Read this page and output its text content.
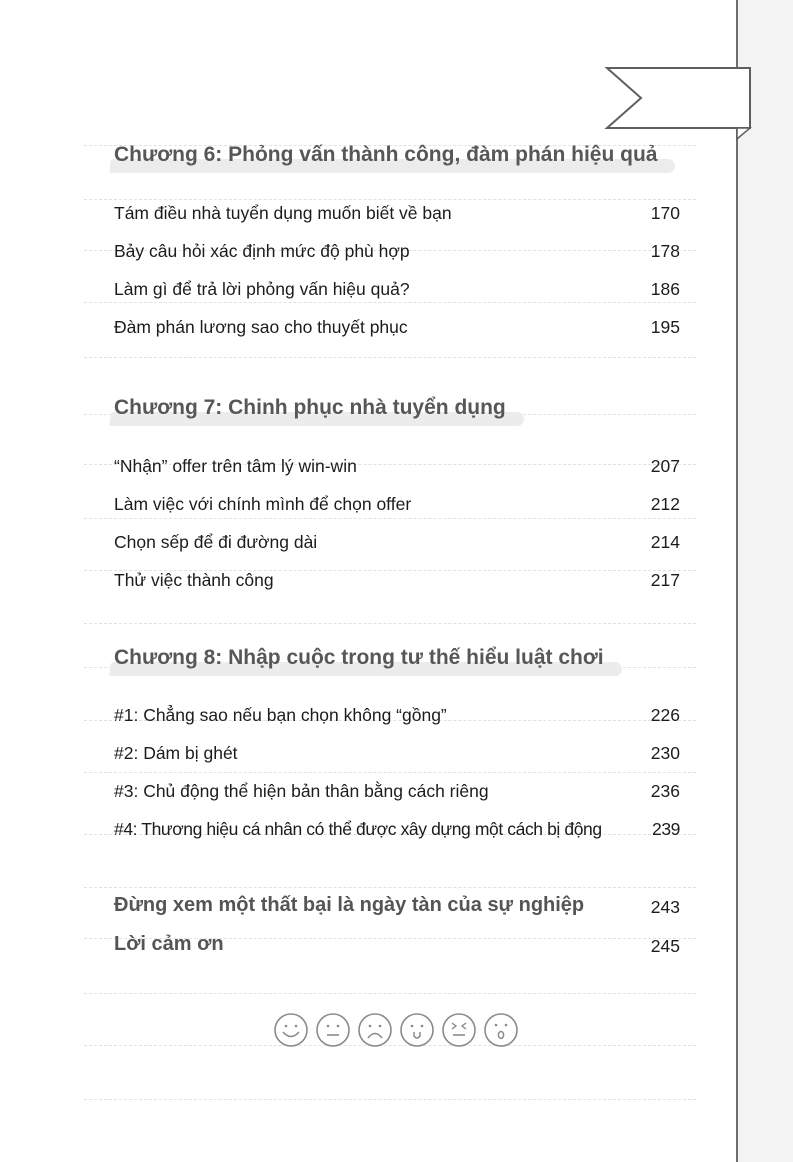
Chương 6: Phỏng vấn thành công, đàm phán hiệu quả
Tám điều nhà tuyển dụng muốn biết về bạn	170
Bảy câu hỏi xác định mức độ phù hợp	178
Làm gì để trả lời phỏng vấn hiệu quả?	186
Đàm phán lương sao cho thuyết phục	195
Chương 7: Chinh phục nhà tuyển dụng
“Nhận” offer trên tâm lý win-win	207
Làm việc với chính mình để chọn offer	212
Chọn sếp để đi đường dài	214
Thử việc thành công	217
Chương 8: Nhập cuộc trong tư thế hiểu luật chơi
#1: Chẳng sao nếu bạn chọn không “gồng”	226
#2: Dám bị ghét	230
#3: Chủ động thể hiện bản thân bằng cách riêng	236
#4: Thương hiệu cá nhân có thể được xây dựng một cách bị động	239
Đừng xem một thất bại là ngày tàn của sự nghiệp	243
Lời cảm ơn	245
